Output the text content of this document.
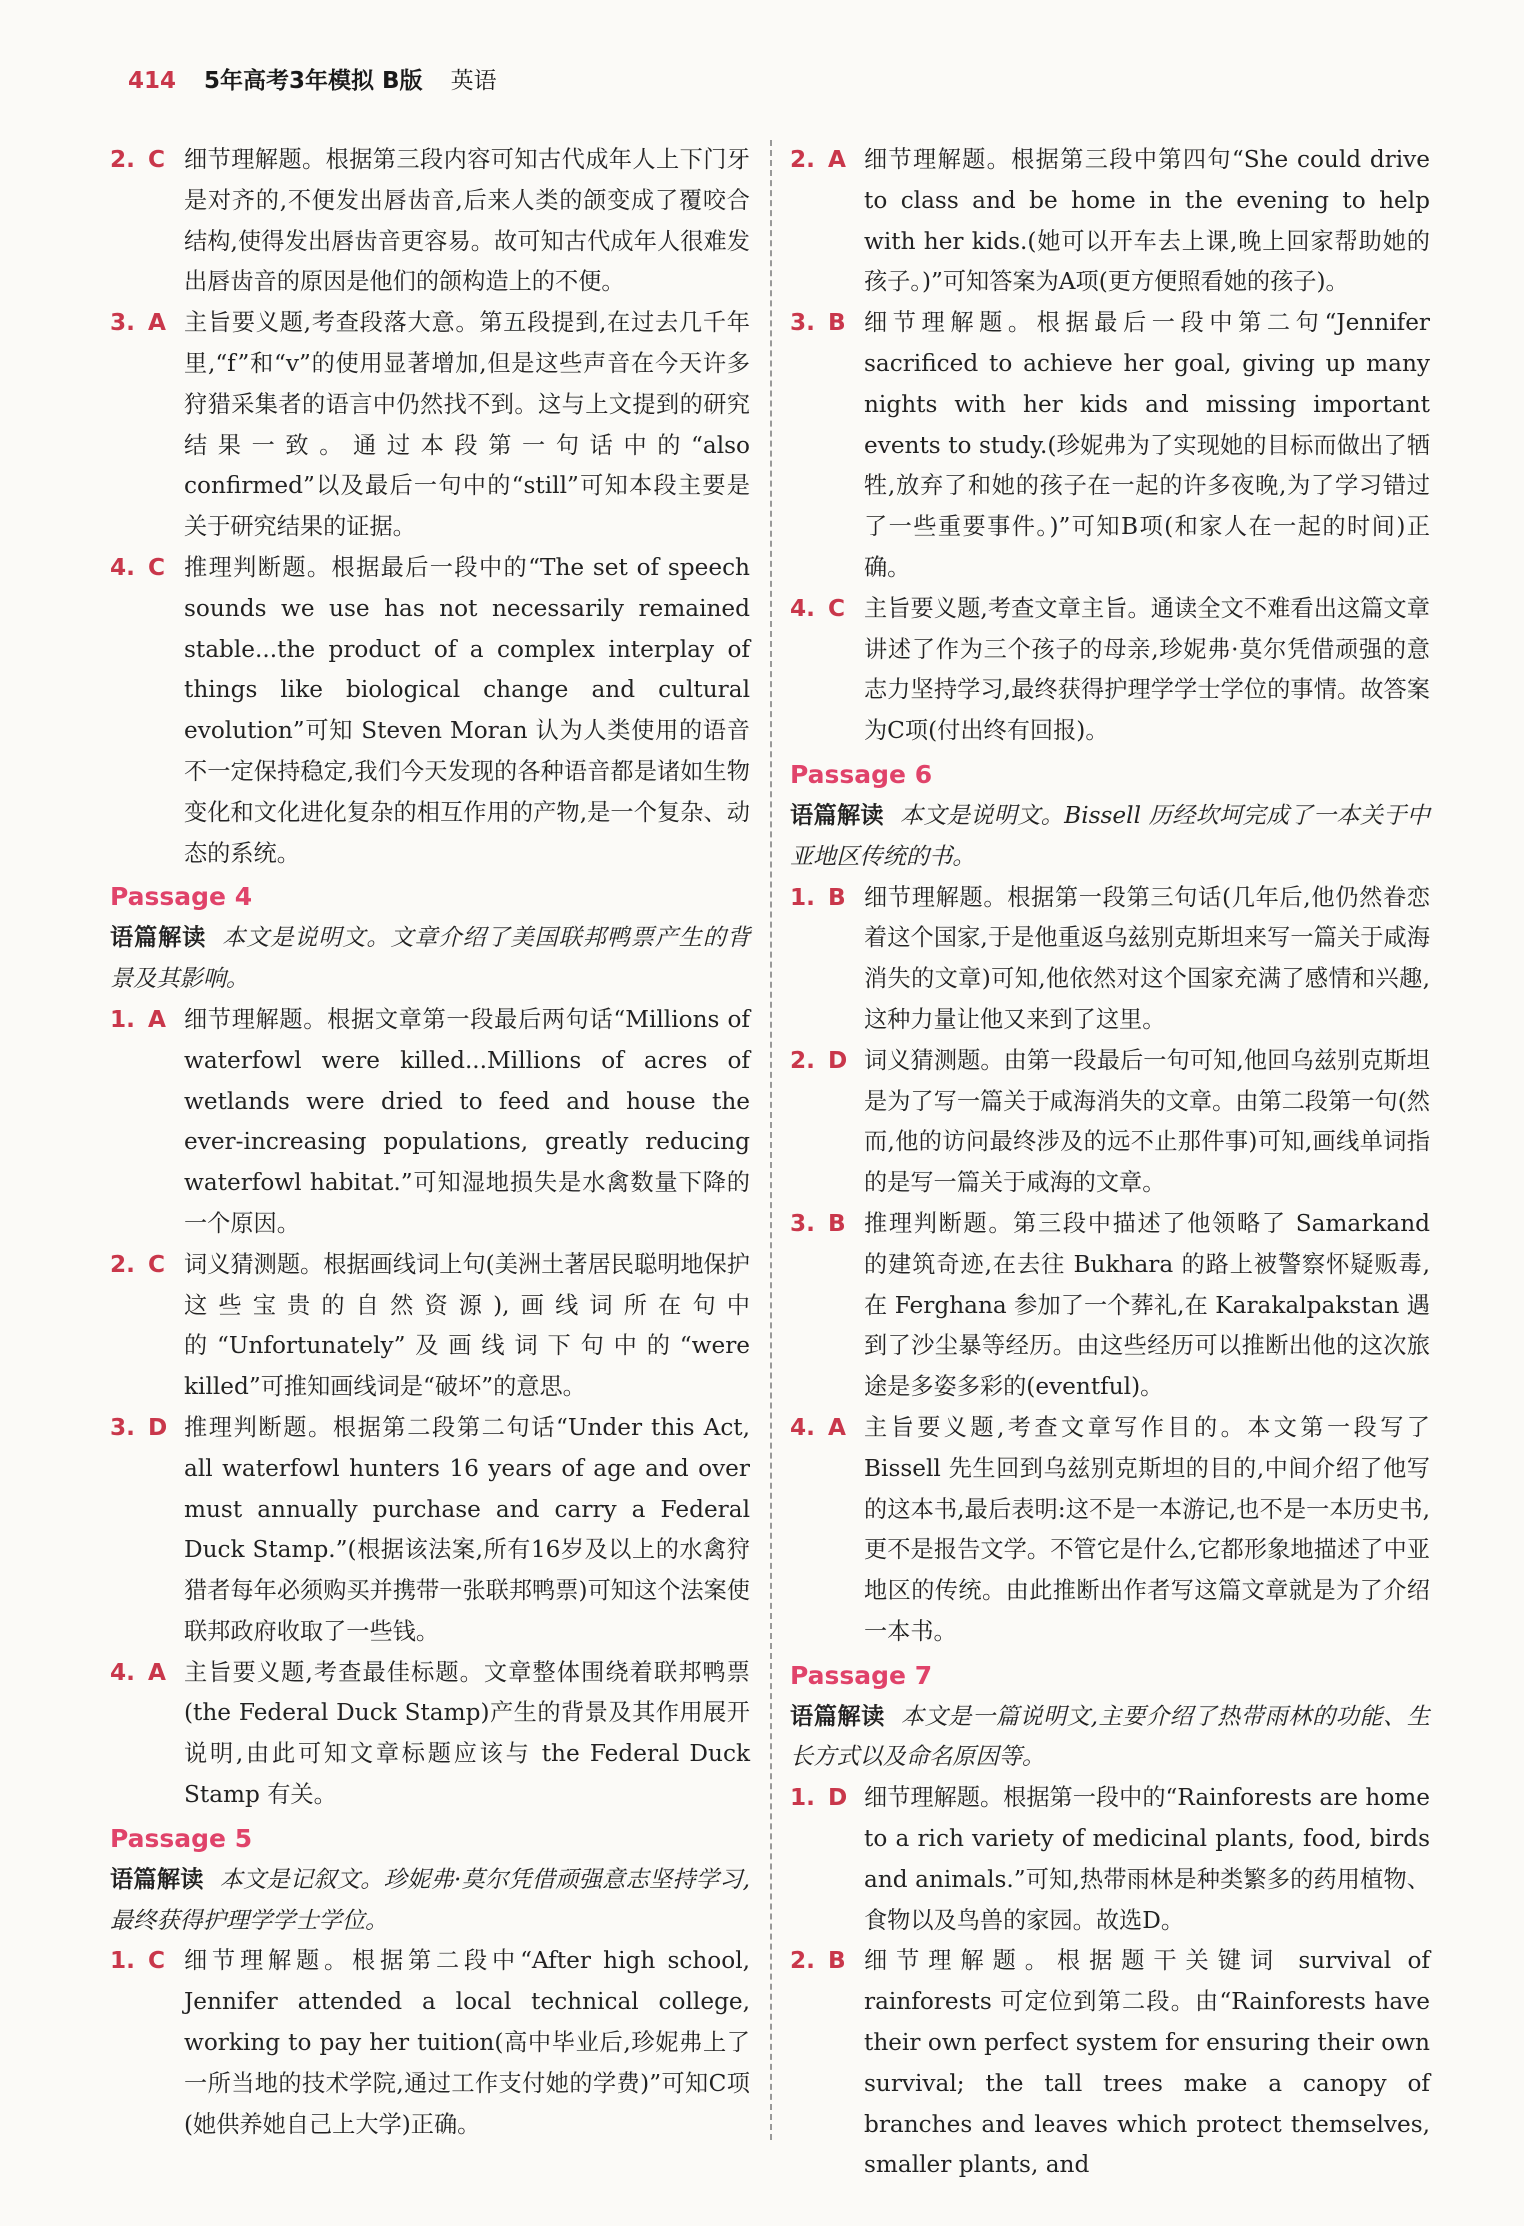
414 5年高考3年模拟 B版 英语
2. C 细节理解题。根据第三段内容可知古代成年人上下门牙是对齐的,不便发出唇齿音,后来人类的颌变成了覆咬合结构,使得发出唇齿音更容易。故可知古代成年人很难发出唇齿音的原因是他们的颌构造上的不便。
3. A 主旨要义题,考查段落大意。第五段提到,在过去几千年里,“f”和“v”的使用显著增加,但是这些声音在今天许多狩猎采集者的语言中仍然找不到。这与上文提到的研究结果一致。通过本段第一句话中的“also confirmed”以及最后一句中的“still”可知本段主要是关于研究结果的证据。
4. C 推理判断题。根据最后一段中的“The set of speech sounds we use has not necessarily remained stable...the product of a complex interplay of things like biological change and cultural evolution”可知 Steven Moran 认为人类使用的语音不一定保持稳定,我们今天发现的各种语音都是诸如生物变化和文化进化复杂的相互作用的产物,是一个复杂、动态的系统。
Passage 4
语篇解读 本文是说明文。文章介绍了美国联邦鸭票产生的背景及其影响。
1. A 细节理解题。根据文章第一段最后两句话“Millions of waterfowl were killed...Millions of acres of wetlands were dried to feed and house the ever-increasing populations, greatly reducing waterfowl habitat.”可知湿地损失是水禽数量下降的一个原因。
2. C 词义猜测题。根据画线词上句(美洲土著居民聪明地保护这些宝贵的自然资源),画线词所在句中的“Unfortunately”及画线词下句中的“were killed”可推知画线词是“破坏”的意思。
3. D 推理判断题。根据第二段第二句话“Under this Act, all waterfowl hunters 16 years of age and over must annually purchase and carry a Federal Duck Stamp.”(根据该法案,所有16岁及以上的水禽狩猎者每年必须购买并携带一张联邦鸭票)可知这个法案使联邦政府收取了一些钱。
4. A 主旨要义题,考查最佳标题。文章整体围绕着联邦鸭票(the Federal Duck Stamp)产生的背景及其作用展开说明,由此可知文章标题应该与 the Federal Duck Stamp 有关。
Passage 5
语篇解读 本文是记叙文。珍妮弗·莫尔凭借顽强意志坚持学习,最终获得护理学学士学位。
1. C 细节理解题。根据第二段中“After high school, Jennifer attended a local technical college, working to pay her tuition(高中毕业后,珍妮弗上了一所当地的技术学院,通过工作支付她的学费)”可知C项(她供养她自己上大学)正确。
2. A 细节理解题。根据第三段中第四句“She could drive to class and be home in the evening to help with her kids.(她可以开车去上课,晚上回家帮助她的孩子。)”可知答案为A项(更方便照看她的孩子)。
3. B 细节理解题。根据最后一段中第二句“Jennifer sacrificed to achieve her goal, giving up many nights with her kids and missing important events to study.(珍妮弗为了实现她的目标而做出了牺牲,放弃了和她的孩子在一起的许多夜晚,为了学习错过了一些重要事件。)”可知B项(和家人在一起的时间)正确。
4. C 主旨要义题,考查文章主旨。通读全文不难看出这篇文章讲述了作为三个孩子的母亲,珍妮弗·莫尔凭借顽强的意志力坚持学习,最终获得护理学学士学位的事情。故答案为C项(付出终有回报)。
Passage 6
语篇解读 本文是说明文。Bissell 历经坎坷完成了一本关于中亚地区传统的书。
1. B 细节理解题。根据第一段第三句话(几年后,他仍然眷恋着这个国家,于是他重返乌兹别克斯坦来写一篇关于咸海消失的文章)可知,他依然对这个国家充满了感情和兴趣,这种力量让他又来到了这里。
2. D 词义猜测题。由第一段最后一句可知,他回乌兹别克斯坦是为了写一篇关于咸海消失的文章。由第二段第一句(然而,他的访问最终涉及的远不止那件事)可知,画线单词指的是写一篇关于咸海的文章。
3. B 推理判断题。第三段中描述了他领略了 Samarkand 的建筑奇迹,在去往 Bukhara 的路上被警察怀疑贩毒,在 Ferghana 参加了一个葬礼,在 Karakalpakstan 遇到了沙尘暴等经历。由这些经历可以推断出他的这次旅途是多姿多彩的(eventful)。
4. A 主旨要义题,考查文章写作目的。本文第一段写了 Bissell 先生回到乌兹别克斯坦的目的,中间介绍了他写的这本书,最后表明:这不是一本游记,也不是一本历史书,更不是报告文学。不管它是什么,它都形象地描述了中亚地区的传统。由此推断出作者写这篇文章就是为了介绍一本书。
Passage 7
语篇解读 本文是一篇说明文,主要介绍了热带雨林的功能、生长方式以及命名原因等。
1. D 细节理解题。根据第一段中的“Rainforests are home to a rich variety of medicinal plants, food, birds and animals.”可知,热带雨林是种类繁多的药用植物、食物以及鸟兽的家园。故选D。
2. B 细节理解题。根据题干关键词 survival of rainforests 可定位到第二段。由“Rainforests have their own perfect system for ensuring their own survival; the tall trees make a canopy of branches and leaves which protect themselves, smaller plants, and
